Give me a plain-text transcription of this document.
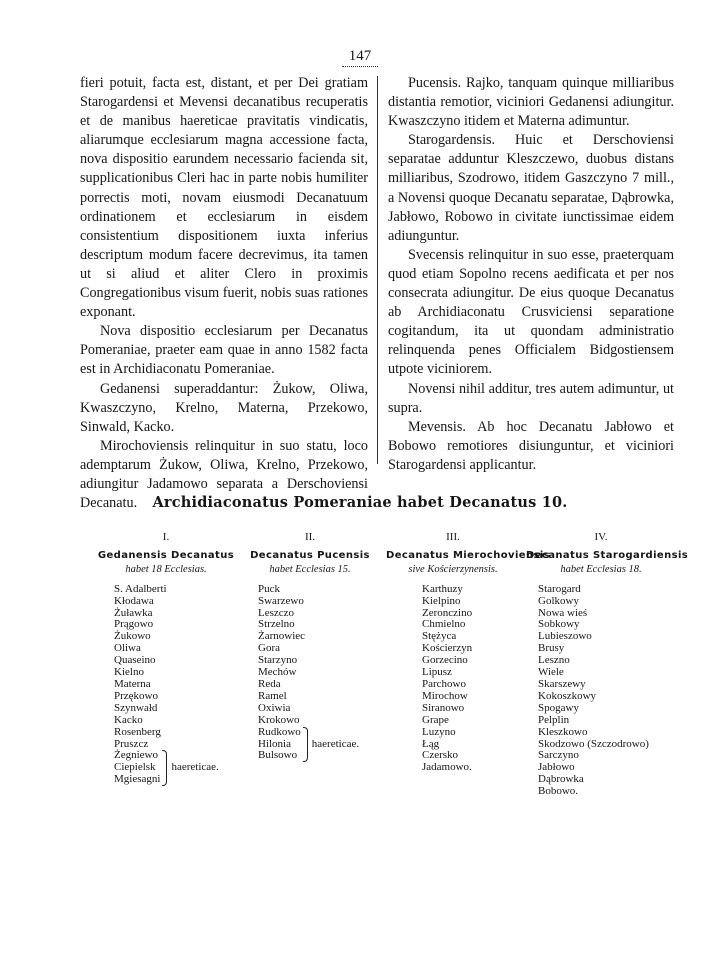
147

fieri potuit, facta est, distant, et per Dei gratiam Starogardensi et Mevensi decanatibus recuperatis et de manibus haereticae pravitatis vindicatis, aliarumque ecclesiarum magna accessione facta, nova dispositio earundem necessario facienda sit, supplicationibus Cleri hac in parte nobis humiliter porrectis moti, novam eiusmodi Decanatuum ordinationem et ecclesiarum in eisdem consistentium dispositionem iuxta inferius descriptum modum facere decrevimus, ita tamen ut si aliud et aliter Clero in proximis Congregationibus visum fuerit, nobis suas rationes exponant.

Nova dispositio ecclesiarum per Decanatus Pomeraniae, praeter eam quae in anno 1582 facta est in Archidiaconatu Pomeraniae.

Gedanensi superaddantur: Żukow, Oliwa, Kwaszczyno, Krelno, Materna, Przekowo, Sinwald, Kacko.

Mirochoviensis relinquitur in suo statu, loco ademptarum Żukow, Oliwa, Krelno, Przekowo, adiungitur Jadamowo separata a Derschoviensi Decanatu.

Pucensis. Rajko, tanquam quinque milliaribus distantia remotior, viciniori Gedanensi adiungitur. Kwaszczyno itidem et Materna adimuntur.

Starogardensis. Huic et Derschoviensi separatae adduntur Kleszczewo, duobus distans milliaribus, Szodrowo, itidem Gaszczyno 7 mill., a Novensi quoque Decanatu separatae, Dąbrowka, Jabłowo, Robowo in civitate iunctissimae eidem adiunguntur.

Svecensis relinquitur in suo esse, praeterquam quod etiam Sopolno recens aedificata et per nos consecrata adiungitur. De eius quoque Decanatus ab Archidiaconatu Crusviciensi separatione cogitandum, ita ut quondam administratio relinquenda penes Officialem Bidgostiensem utpote viciniorem.

Novensi nihil additur, tres autem adimuntur, ut supra.

Mevensis. Ab hoc Decanatu Jabłowo et Bobowo remotiores disiunguntur, et viciniori Starogardensi applicantur.

Archidiaconatus Pomeraniae habet Decanatus 10.
I.
Gedanensis Decanatus
habet 18 Ecclesias.
S. Adalberti
Kłodawa
Żuławka
Prągowo
Żukowo
Oliwa
Quaseino
Kielno
Materna
Przękowo
Szynwałd
Kacko
Rosenberg
Pruszcz
Żegniewo
Ciepielsk
Mgiesagni
haereticae.
II.
Decanatus Pucensis
habet Ecclesias 15.
Puck
Swarzewo
Leszczo
Strzelno
Żarnowiec
Gora
Starzyno
Mechów
Reda
Ramel
Oxiwia
Krokowo
Rudkowo
Hilonia
Bulsowo
haereticae.
III.
Decanatus Mierochoviensis
sive Kościerzynensis.
Karthuzy
Kielpino
Zeronczino
Chmielno
Stężyca
Kościerzyn
Gorzecino
Lipusz
Parchowo
Mirochow
Siranowo
Grape
Luzyno
Łąg
Czersko
Jadamowo.
IV.
Decanatus Starogardiensis
habet Ecclesias 18.
Starogard
Golkowy
Nowa wieś
Sobkowy
Lubieszowo
Brusy
Leszno
Wiele
Skarszewy
Kokoszkowy
Spogawy
Pelplin
Kleszkowo
Skodzowo (Szczodrowo)
Sarczyno
Jabłowo
Dąbrowka
Bobowo.
